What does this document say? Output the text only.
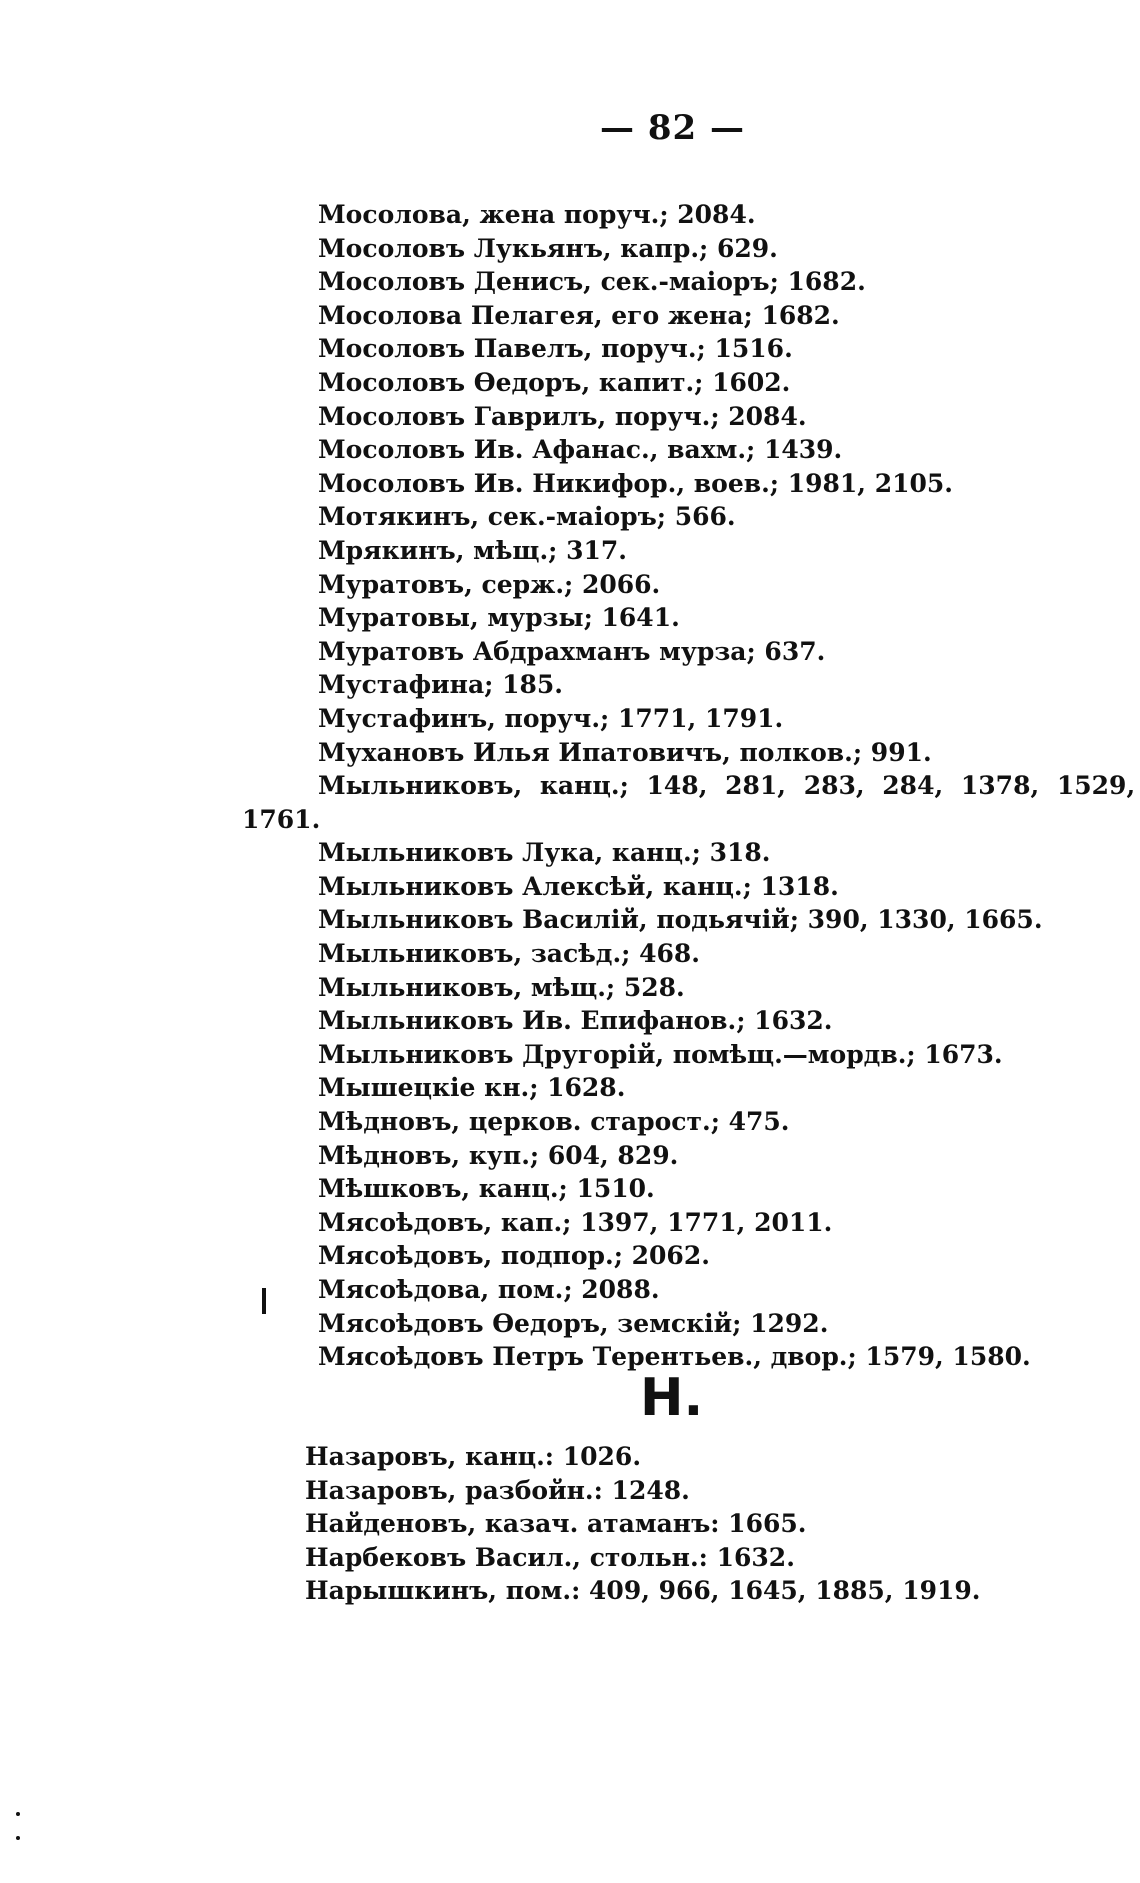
— 82 —
Мосолова, жена поруч.; 2084.
Мосоловъ Лукьянъ, капр.; 629.
Мосоловъ Денисъ, сек.-маіоръ; 1682.
Мосолова Пелагея, его жена; 1682.
Мосоловъ Павелъ, поруч.; 1516.
Мосоловъ Ѳедоръ, капит.; 1602.
Мосоловъ Гаврилъ, поруч.; 2084.
Мосоловъ Ив. Афанас., вахм.; 1439.
Мосоловъ Ив. Никифор., воев.; 1981, 2105.
Мотякинъ, сек.-маіоръ; 566.
Мрякинъ, мѣщ.; 317.
Муратовъ, серж.; 2066.
Муратовы, мурзы; 1641.
Муратовъ Абдрахманъ мурза; 637.
Мустафина; 185.
Мустафинъ, поруч.; 1771, 1791.
Мухановъ Илья Ипатовичъ, полков.; 991.
Мыльниковъ, канц.; 148, 281, 283, 284, 1378, 1529,
1761.
Мыльниковъ Лука, канц.; 318.
Мыльниковъ Алексѣй, канц.; 1318.
Мыльниковъ Василій, подьячій; 390, 1330, 1665.
Мыльниковъ, засѣд.; 468.
Мыльниковъ, мѣщ.; 528.
Мыльниковъ Ив. Епифанов.; 1632.
Мыльниковъ Другорій, помѣщ.—мордв.; 1673.
Мышецкіе кн.; 1628.
Мѣдновъ, церков. старост.; 475.
Мѣдновъ, куп.; 604, 829.
Мѣшковъ, канц.; 1510.
Мясоѣдовъ, кап.; 1397, 1771, 2011.
Мясоѣдовъ, подпор.; 2062.
Мясоѣдова, пом.; 2088.
Мясоѣдовъ Ѳедоръ, земскій; 1292.
Мясоѣдовъ Петръ Терентьев., двор.; 1579, 1580.
Н.
Назаровъ, канц.: 1026.
Назаровъ, разбойн.: 1248.
Найденовъ, казач. атаманъ: 1665.
Нарбековъ Васил., стольн.: 1632.
Нарышкинъ, пом.: 409, 966, 1645, 1885, 1919.
